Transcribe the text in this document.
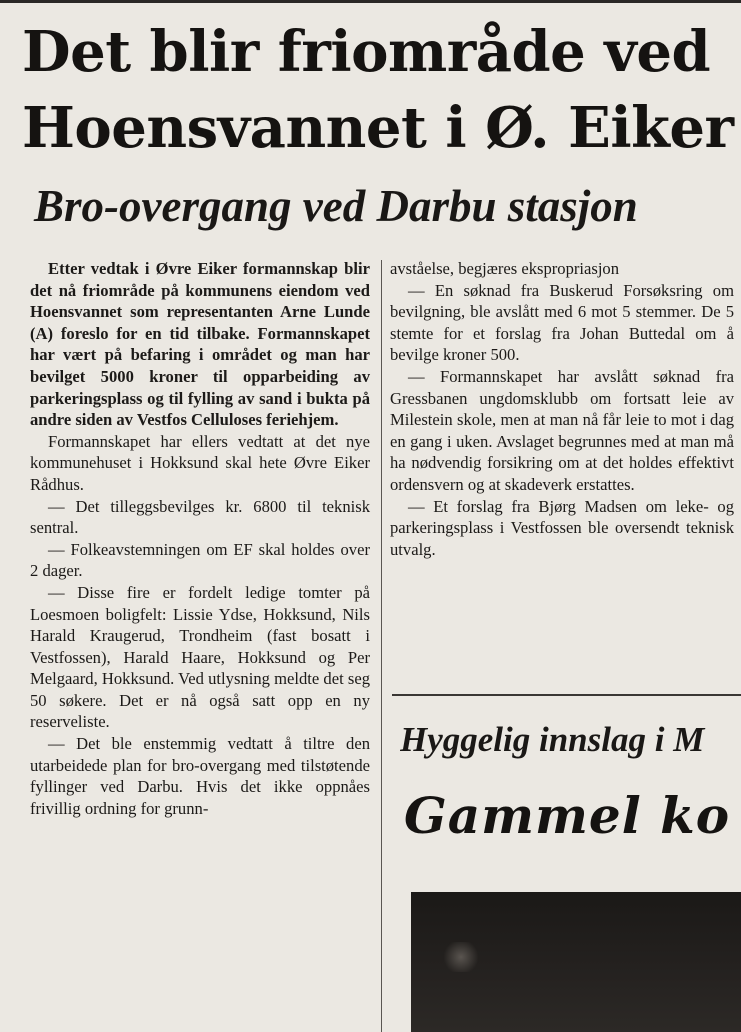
Det blir friområde ved
Hoensvannet i Ø. Eiker
Bro-overgang ved Darbu stasjon

Etter vedtak i Øvre Eiker formannskap blir det nå friområde på kommunens eiendom ved Hoensvannet som representanten Arne Lunde (A) foreslo for en tid tilbake. Formannskapet har vært på befaring i området og man har bevilget 5000 kroner til opparbeiding av parkeringsplass og til fylling av sand i bukta på andre siden av Vestfos Celluloses feriehjem.

Formannskapet har ellers vedtatt at det nye kommunehuset i Hokksund skal hete Øvre Eiker Rådhus.

— Det tilleggsbevilges kr. 6800 til teknisk sentral.

— Folkeavstemningen om EF skal holdes over 2 dager.

— Disse fire er fordelt ledige tomter på Loesmoen boligfelt: Lissie Ydse, Hokksund, Nils Harald Kraugerud, Trondheim (fast bosatt i Vestfossen), Harald Haare, Hokksund og Per Melgaard, Hokksund. Ved utlysning meldte det seg 50 søkere. Det er nå også satt opp en ny reserveliste.

— Det ble enstemmig vedtatt å tiltre den utarbeidede plan for bro-overgang med tilstøtende fyllinger ved Darbu. Hvis det ikke oppnåes frivillig ordning for grunn-

avståelse, begjæres ekspropriasjon

— En søknad fra Buskerud Forsøksring om bevilgning, ble avslått med 6 mot 5 stemmer. De 5 stemte for et forslag fra Johan Buttedal om å bevilge kroner 500.

— Formannskapet har avslått søknad fra Gressbanen ungdomsklubb om fortsatt leie av Milestein skole, men at man nå får leie to mot i dag en gang i uken. Avslaget begrunnes med at man må ha nødvendig forsikring om at det holdes effektivt ordensvern og at skadeverk erstattes.

— Et forslag fra Bjørg Madsen om leke- og parkeringsplass i Vestfossen ble oversendt teknisk utvalg.

Hyggelig innslag i M
Gammel ko
